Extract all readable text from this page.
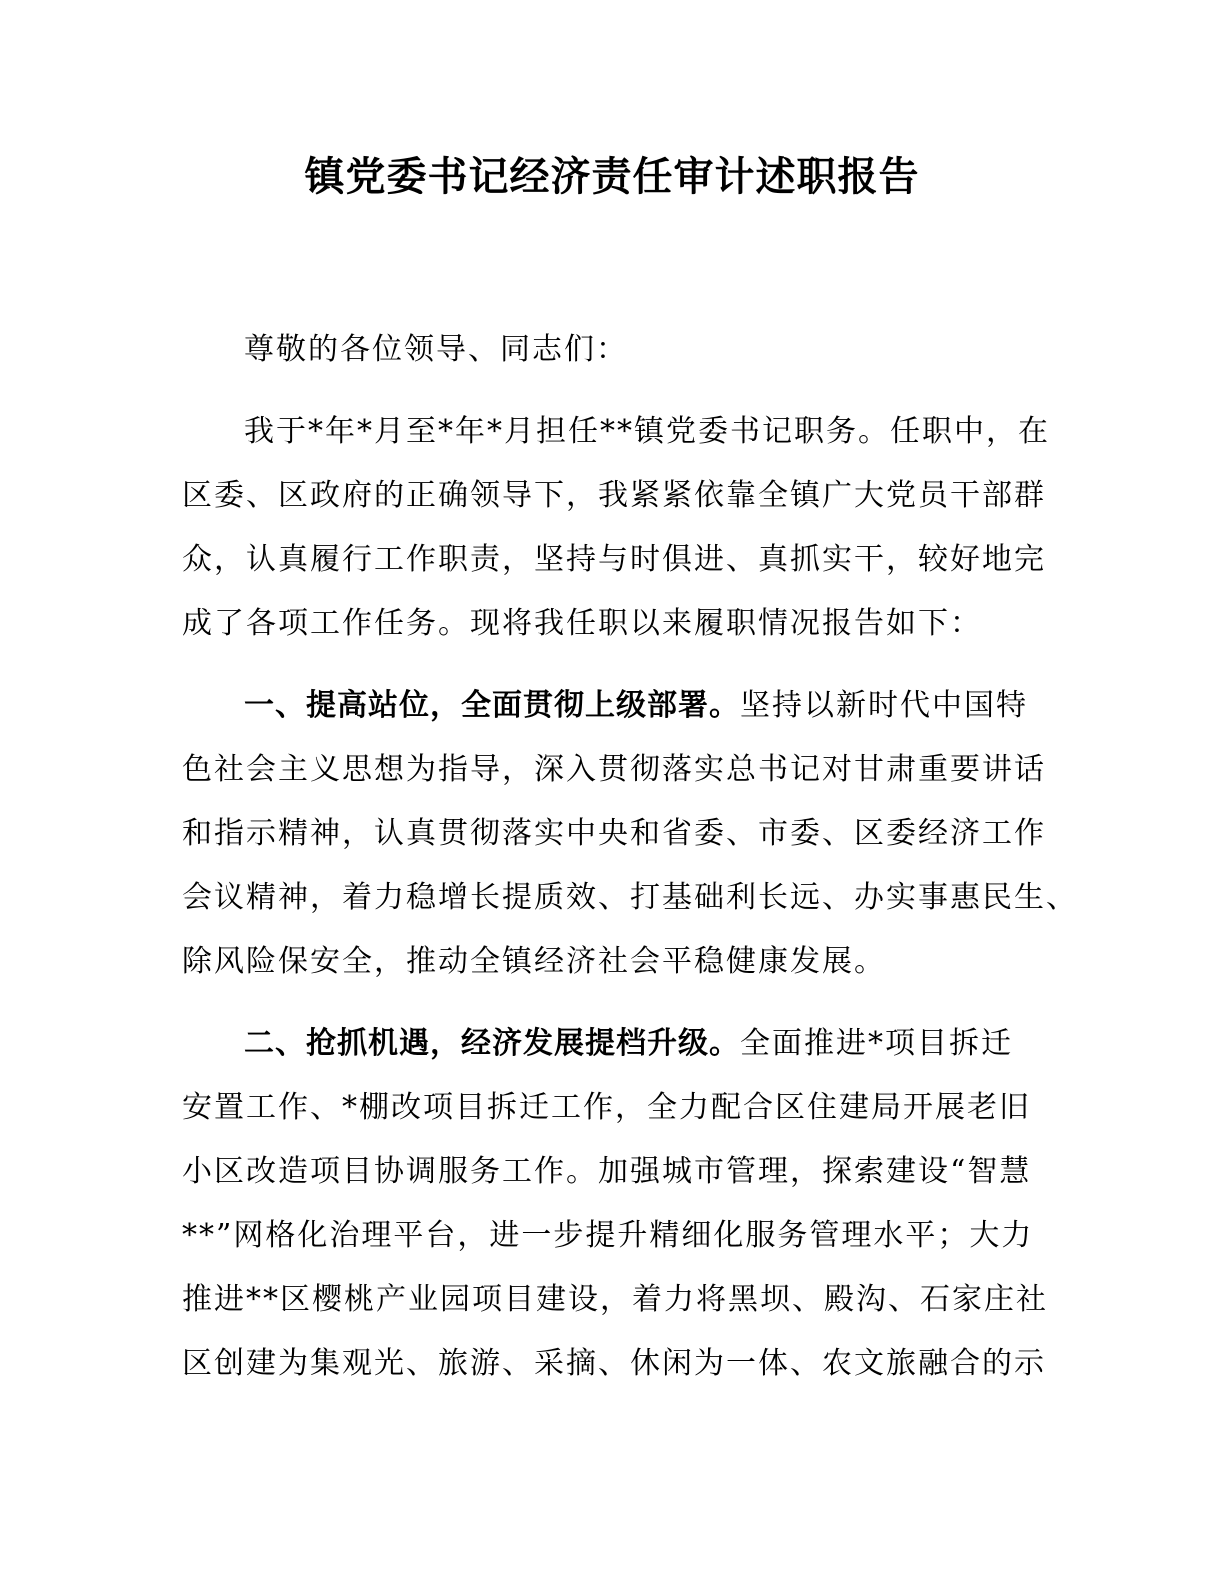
镇党委书记经济责任审计述职报告
尊敬的各位领导、同志们：
我于*年*月至*年*月担任**镇党委书记职务。任职中，在
区委、区政府的正确领导下，我紧紧依靠全镇广大党员干部群
众，认真履行工作职责，坚持与时俱进、真抓实干，较好地完
成了各项工作任务。现将我任职以来履职情况报告如下：
一、提高站位，全面贯彻上级部署。坚持以新时代中国特
色社会主义思想为指导，深入贯彻落实总书记对甘肃重要讲话
和指示精神，认真贯彻落实中央和省委、市委、区委经济工作
会议精神，着力稳增长提质效、打基础利长远、办实事惠民生、
除风险保安全，推动全镇经济社会平稳健康发展。
二、抢抓机遇，经济发展提档升级。全面推进*项目拆迁
安置工作、*棚改项目拆迁工作，全力配合区住建局开展老旧
小区改造项目协调服务工作。加强城市管理，探索建设“智慧
**”网格化治理平台，进一步提升精细化服务管理水平；大力
推进**区樱桃产业园项目建设，着力将黑坝、殿沟、石家庄社
区创建为集观光、旅游、采摘、休闲为一体、农文旅融合的示
